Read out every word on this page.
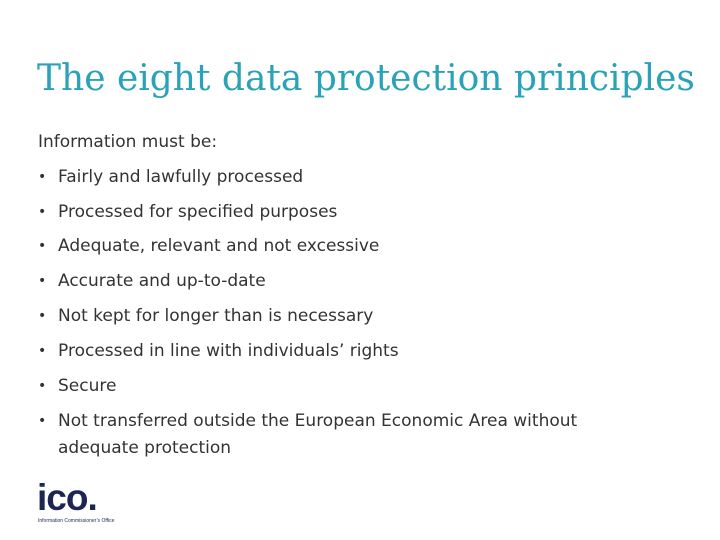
The eight data protection principles
Information must be:
• Fairly and lawfully processed
• Processed for specified purposes
• Adequate, relevant and not excessive
• Accurate and up-to-date
• Not kept for longer than is necessary
• Processed in line with individuals’ rights
• Secure
• Not transferred outside the European Economic Area without
adequate protection
ico.
Information Commissioner’s Office
